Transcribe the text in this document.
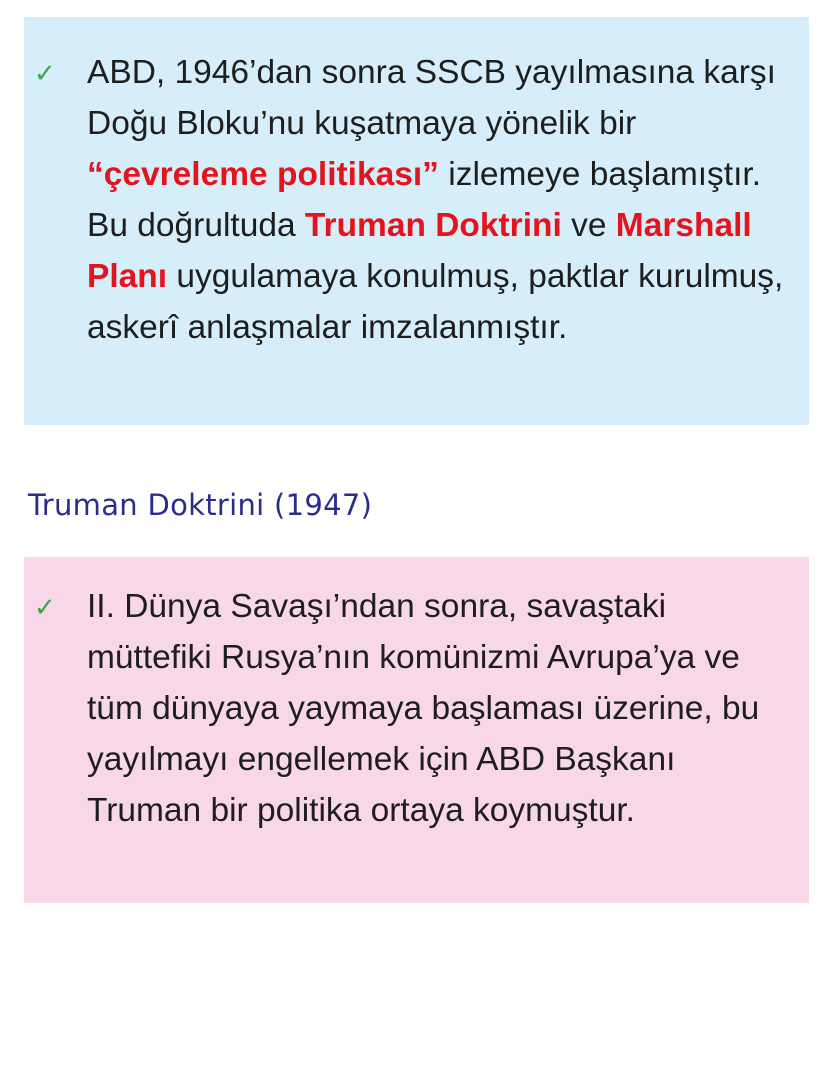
✓ ABD, 1946’dan sonra SSCB yayılmasına karşı Doğu Bloku’nu kuşatmaya yönelik bir “çevreleme politikası” izlemeye başlamıştır. Bu doğrultuda Truman Doktrini ve Marshall Planı uygulamaya konulmuş, paktlar kurulmuş, askerî anlaşmalar imzalanmıştır.

Truman Doktrini (1947)
✓ II. Dünya Savaşı’ndan sonra, savaştaki müttefiki Rusya’nın komünizmi Avrupa’ya ve tüm dünyaya yaymaya başlaması üzerine, bu yayılmayı engellemek için ABD Başkanı Truman bir politika ortaya koymuştur.
